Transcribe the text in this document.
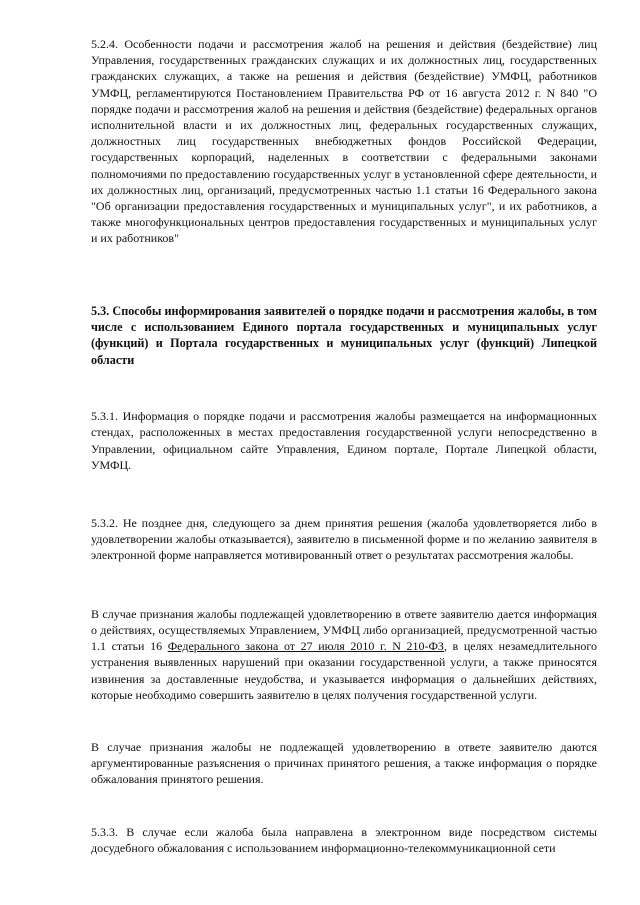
5.2.4. Особенности подачи и рассмотрения жалоб на решения и действия (бездействие) лиц Управления, государственных гражданских служащих и их должностных лиц, государственных гражданских служащих, а также на решения и действия (бездействие) УМФЦ, работников УМФЦ, регламентируются Постановлением Правительства РФ от 16 августа 2012 г. N 840 "О порядке подачи и рассмотрения жалоб на решения и действия (бездействие) федеральных органов исполнительной власти и их должностных лиц, федеральных государственных служащих, должностных лиц государственных внебюджетных фондов Российской Федерации, государственных корпораций, наделенных в соответствии с федеральными законами полномочиями по предоставлению государственных услуг в установленной сфере деятельности, и их должностных лиц, организаций, предусмотренных частью 1.1 статьи 16 Федерального закона "Об организации предоставления государственных и муниципальных услуг", и их работников, а также многофункциональных центров предоставления государственных и муниципальных услуг и их работников"

5.3. Способы информирования заявителей о порядке подачи и рассмотрения жалобы, в том числе с использованием Единого портала государственных и муниципальных услуг (функций) и Портала государственных и муниципальных услуг (функций) Липецкой области

5.3.1. Информация о порядке подачи и рассмотрения жалобы размещается на информационных стендах, расположенных в местах предоставления государственной услуги непосредственно в Управлении, официальном сайте Управления, Едином портале, Портале Липецкой области, УМФЦ.

5.3.2. Не позднее дня, следующего за днем принятия решения (жалоба удовлетворяется либо в удовлетворении жалобы отказывается), заявителю в письменной форме и по желанию заявителя в электронной форме направляется мотивированный ответ о результатах рассмотрения жалобы.

В случае признания жалобы подлежащей удовлетворению в ответе заявителю дается информация о действиях, осуществляемых Управлением, УМФЦ либо организацией, предусмотренной частью 1.1 статьи 16 Федерального закона от 27 июля 2010 г. N 210-ФЗ, в целях незамедлительного устранения выявленных нарушений при оказании государственной услуги, а также приносятся извинения за доставленные неудобства, и указывается информация о дальнейших действиях, которые необходимо совершить заявителю в целях получения государственной услуги.

В случае признания жалобы не подлежащей удовлетворению в ответе заявителю даются аргументированные разъяснения о причинах принятого решения, а также информация о порядке обжалования принятого решения.

5.3.3. В случае если жалоба была направлена в электронном виде посредством системы досудебного обжалования с использованием информационно-телекоммуникационной сети
